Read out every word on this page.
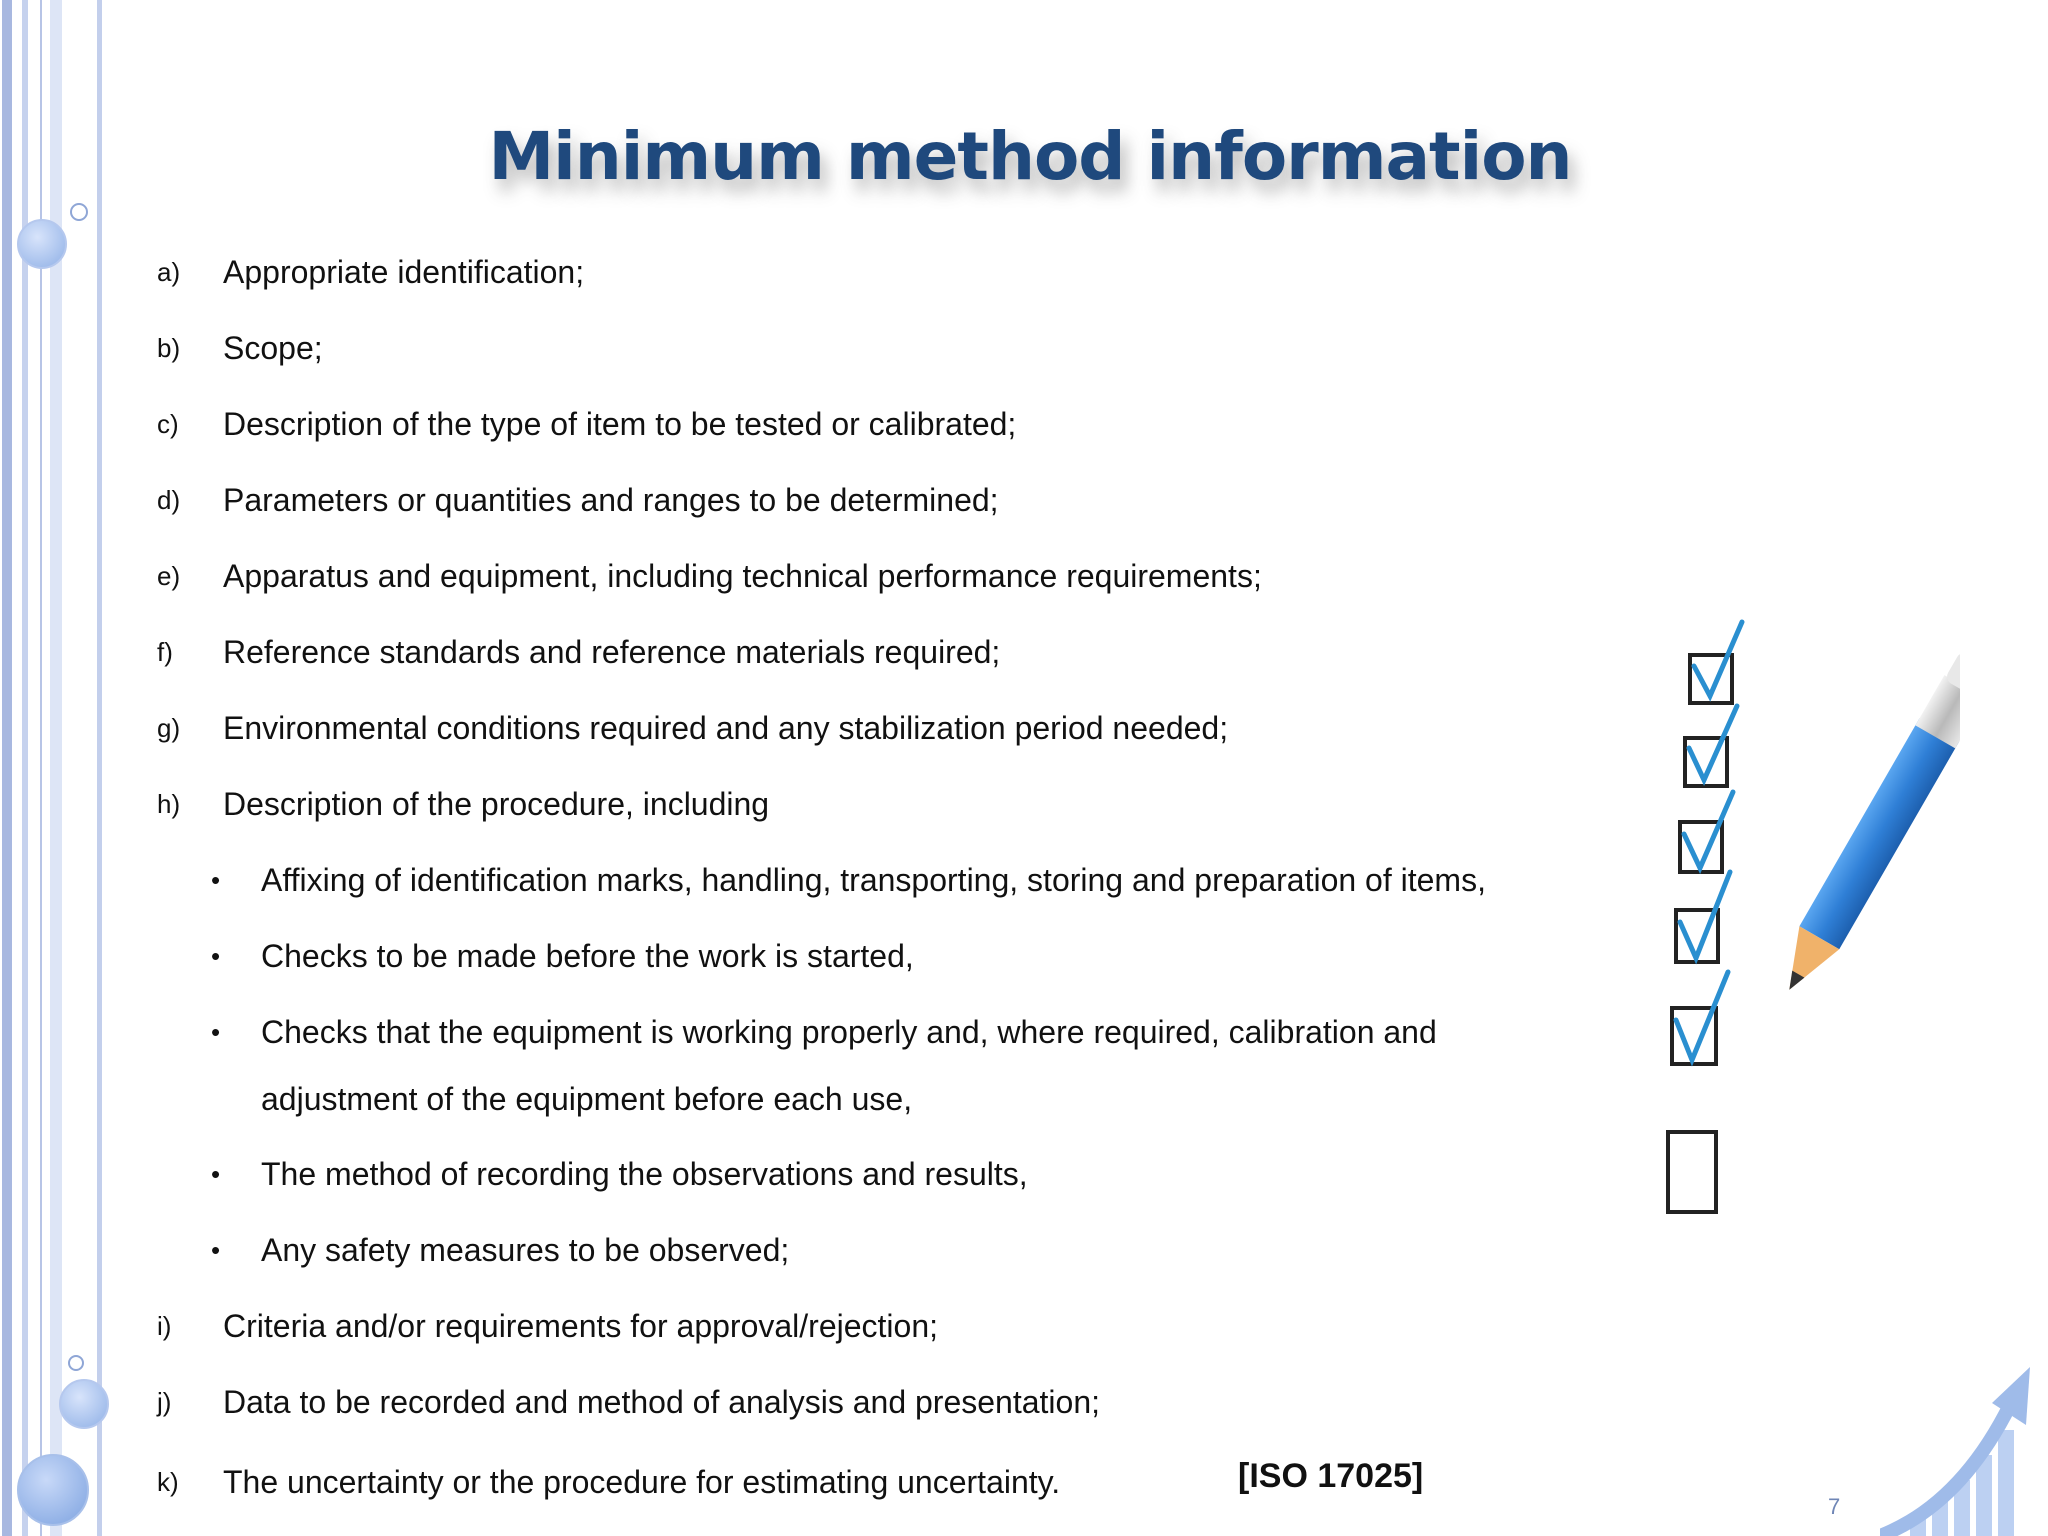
Minimum method information
a) Appropriate identification;
b) Scope;
c) Description of the type of item to be tested or calibrated;
d) Parameters or quantities and ranges to be determined;
e) Apparatus and equipment, including technical performance requirements;
f) Reference standards and reference materials required;
g) Environmental conditions required and any stabilization period needed;
h) Description of the procedure, including
• Affixing of identification marks, handling, transporting, storing and preparation of items,
• Checks to be made before the work is started,
• Checks that the equipment is working properly and, where required, calibration and
adjustment of the equipment before each use,
• The method of recording the observations and results,
• Any safety measures to be observed;
i) Criteria and/or requirements for approval/rejection;
j) Data to be recorded and method of analysis and presentation;
k) The uncertainty or the procedure for estimating uncertainty.	[ISO 17025]
7
